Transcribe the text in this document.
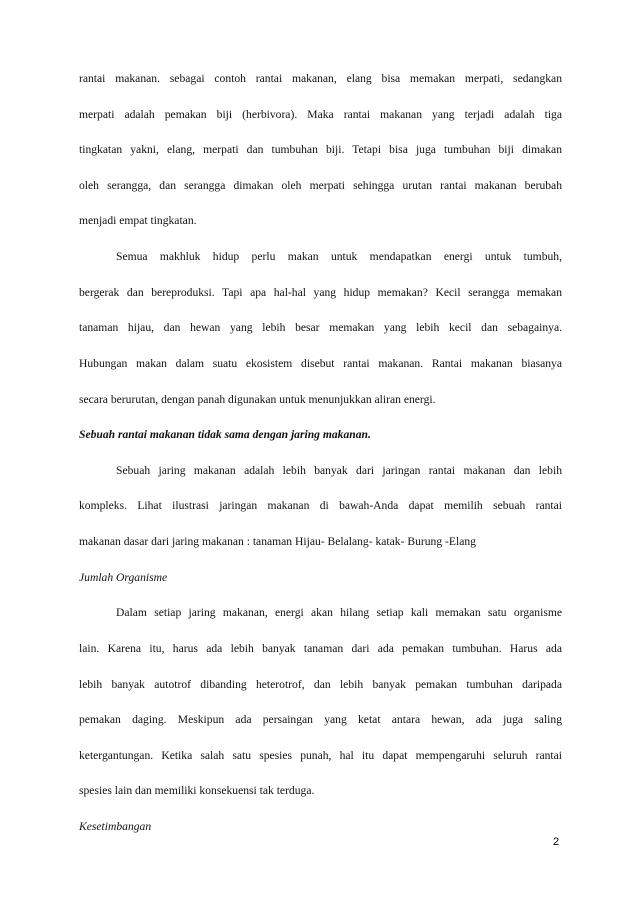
rantai makanan. sebagai contoh rantai makanan, elang bisa memakan merpati, sedangkan
merpati adalah pemakan biji (herbivora). Maka rantai makanan yang terjadi adalah tiga
tingkatan yakni, elang, merpati dan tumbuhan biji. Tetapi bisa juga tumbuhan biji dimakan
oleh serangga, dan serangga dimakan oleh merpati sehingga urutan rantai makanan berubah
menjadi empat tingkatan.
Semua makhluk hidup perlu makan untuk mendapatkan energi untuk tumbuh,
bergerak dan bereproduksi. Tapi apa hal-hal yang hidup memakan? Kecil serangga memakan
tanaman hijau, dan hewan yang lebih besar memakan yang lebih kecil dan sebagainya.
Hubungan makan dalam suatu ekosistem disebut rantai makanan. Rantai makanan biasanya
secara berurutan, dengan panah digunakan untuk menunjukkan aliran energi.
Sebuah rantai makanan tidak sama dengan jaring makanan.
Sebuah jaring makanan adalah lebih banyak dari jaringan rantai makanan dan lebih
kompleks. Lihat ilustrasi jaringan makanan di bawah-Anda dapat memilih sebuah rantai
makanan dasar dari jaring makanan : tanaman Hijau- Belalang- katak- Burung -Elang
Jumlah Organisme
Dalam setiap jaring makanan, energi akan hilang setiap kali memakan satu organisme
lain. Karena itu, harus ada lebih banyak tanaman dari ada pemakan tumbuhan. Harus ada
lebih banyak autotrof dibanding heterotrof, dan lebih banyak pemakan tumbuhan daripada
pemakan daging. Meskipun ada persaingan yang ketat antara hewan, ada juga saling
ketergantungan. Ketika salah satu spesies punah, hal itu dapat mempengaruhi seluruh rantai
spesies lain dan memiliki konsekuensi tak terduga.
Kesetimbangan
2
